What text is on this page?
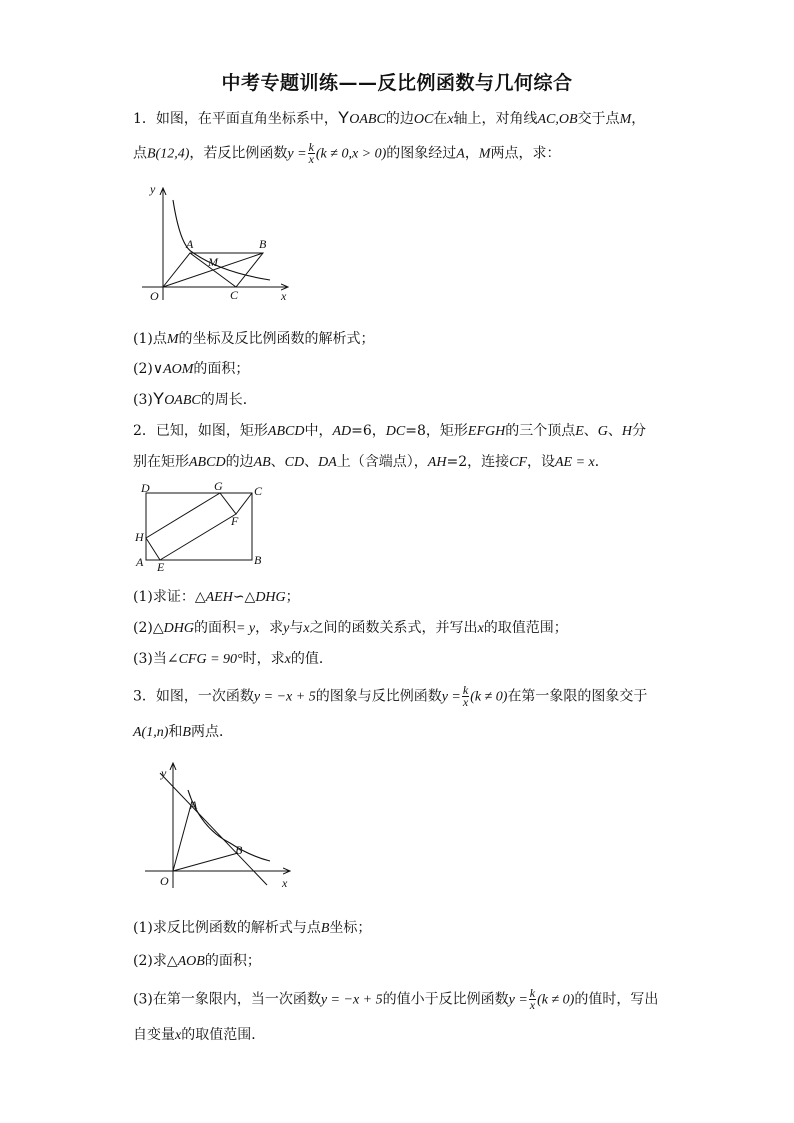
中考专题训练——反比例函数与几何综合
1．如图，在平面直角坐标系中，YOABC的边OC在x轴上，对角线AC,OB交于点M，
点B(12,4)，若反比例函数$y = \frac{k}{x} (k \ne 0,x > 0)$的图象经过A，M两点，求：
y
x
O
A	B
M
C
(1)点M的坐标及反比例函数的解析式；
(2)∨AOM的面积；
(3)YOABC的周长．
2．已知，如图，矩形ABCD中，AD=6，DC=8，矩形EFGH的三个顶点E、G、H分
别在矩形ABCD的边AB、CD、DA上（含端点），AH=2，连接CF，设AE = x．
D	G	C
F
H
A E	B
(1)求证：△AEH∽△DHG；
(2)△DHG的面积= y，求y与x之间的函数关系式，并写出x的取值范围；
(3)当∠CFG = 90°时，求x的值．
3．如图，一次函数y = −x + 5的图象与反比例函数$y = \frac{k}{x} (k \ne 0)$在第一象限的图象交于
A(1,n)和B两点．
y
x
O
A
B
(1)求反比例函数的解析式与点B坐标；
(2)求△AOB的面积；
(3)在第一象限内，当一次函数y = −x + 5的值小于反比例函数$y = \frac{k}{x} (k \ne 0)$的值时，写出
自变量x的取值范围．
